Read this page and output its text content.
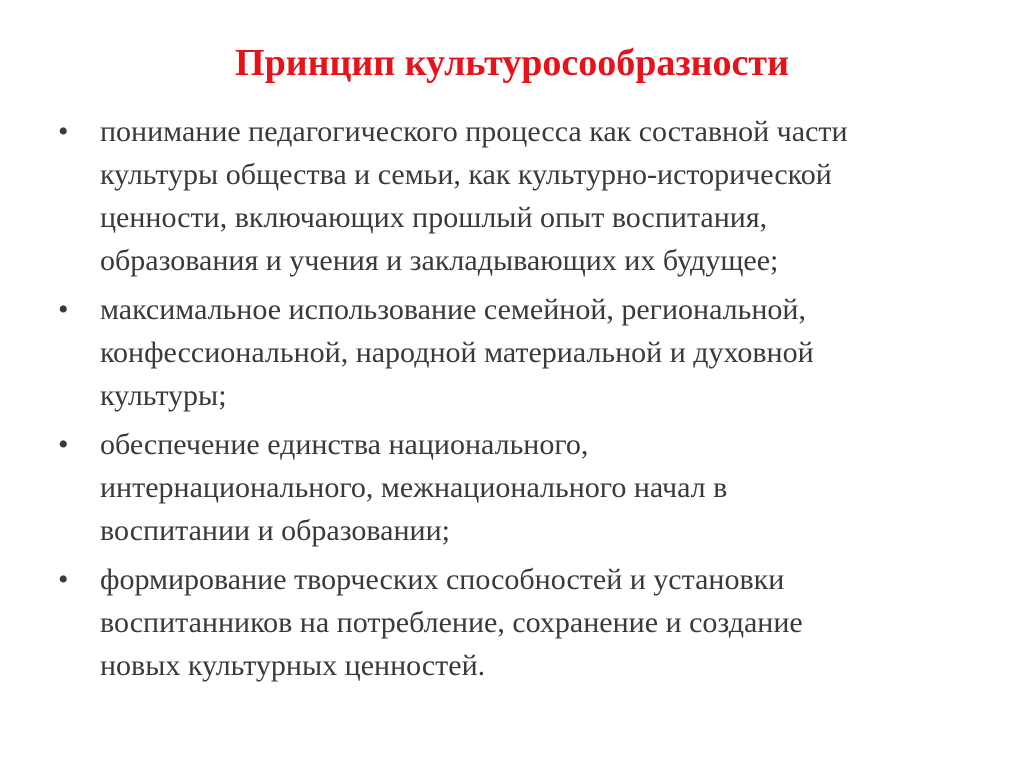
Принцип культуросообразности
• понимание педагогического процесса как составной части
культуры общества и семьи, как культурно-исторической
ценности, включающих прошлый опыт воспитания,
образования и учения и закладывающих их будущее;
• максимальное использование семейной, региональной,
конфессиональной, народной материальной и духовной
культуры;
• обеспечение единства национального,
интернационального, межнационального начал в
воспитании и образовании;
• формирование творческих способностей и установки
воспитанников на потребление, сохранение и создание
новых культурных ценностей.
